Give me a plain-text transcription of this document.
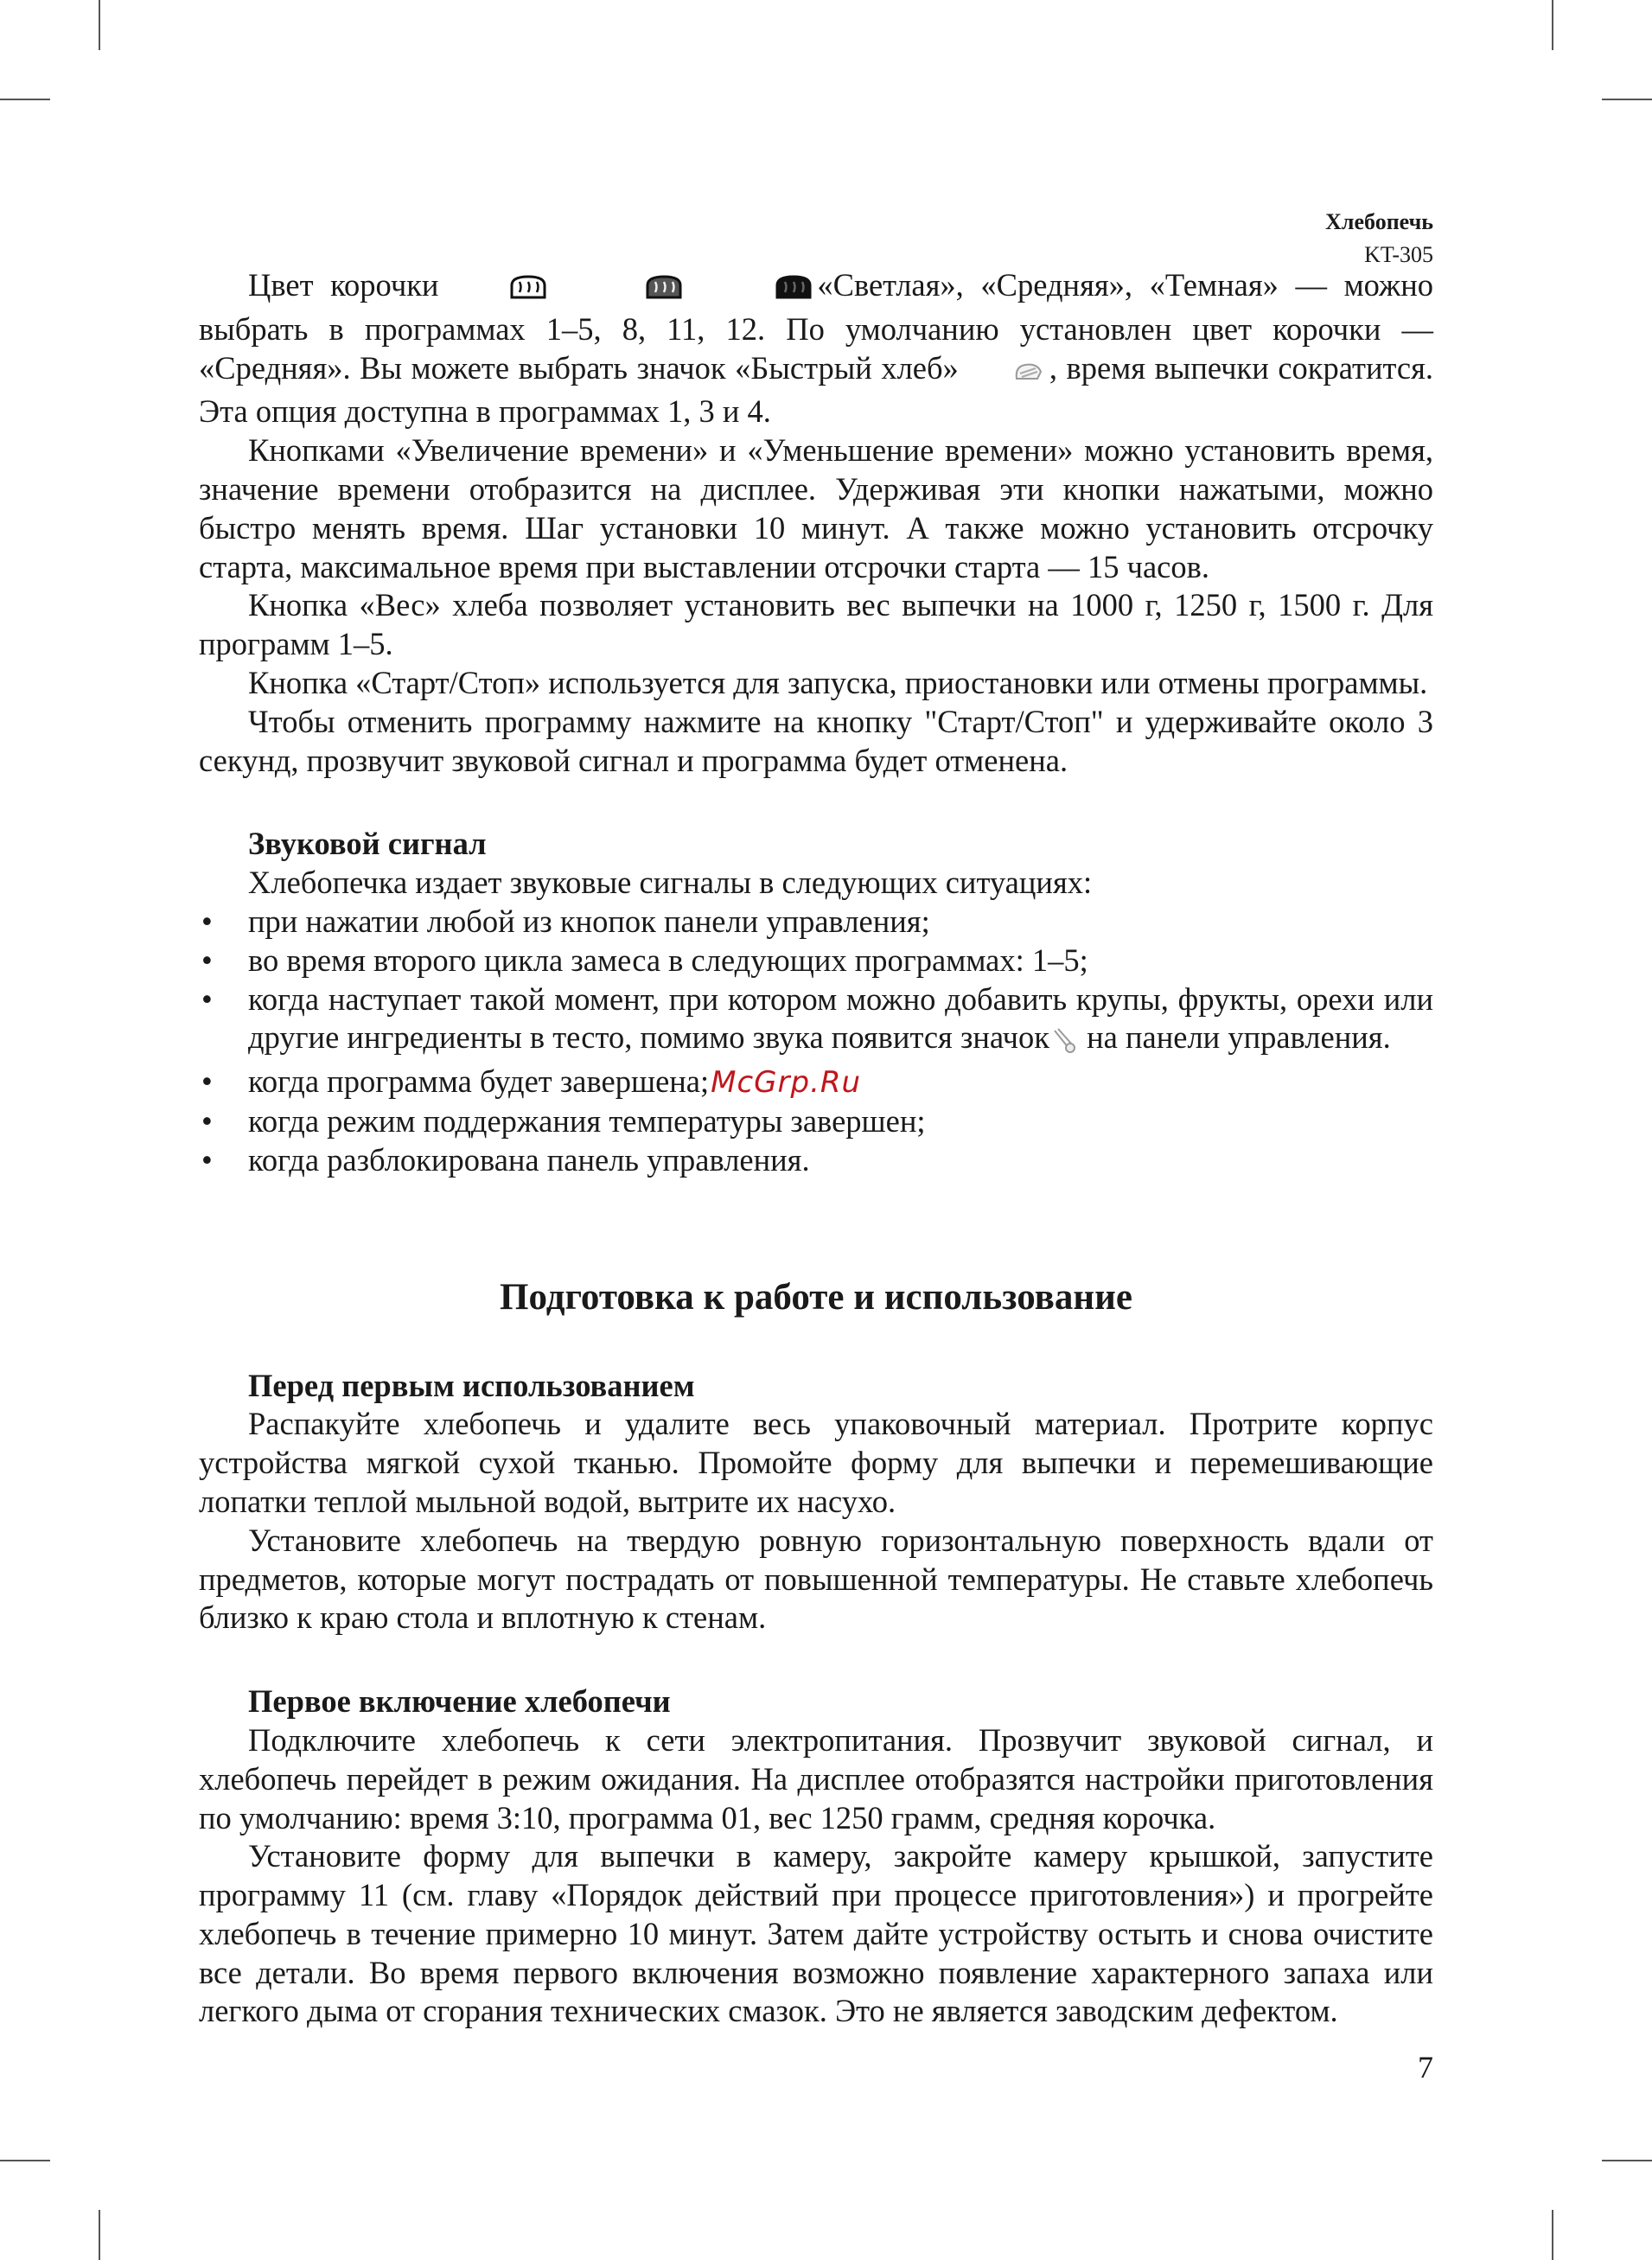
Хлебопечь
KT-305

Цвет корочки	«Светлая», «Средняя», «Темная» — можно выбрать в программах 1–5, 8, 11, 12. По умолчанию установлен цвет корочки — «Средняя». Вы можете выбрать значок «Быстрый хлеб»	, время выпечки сократится. Эта опция доступна в программах 1, 3 и 4.

Кнопками «Увеличение времени» и «Уменьшение времени» можно установить время, значение времени отобразится на дисплее. Удерживая эти кнопки нажатыми, можно быстро менять время. Шаг установки 10 минут. А также можно установить отсрочку старта, максимальное время при выставлении отсрочки старта — 15 часов.

Кнопка «Вес» хлеба позволяет установить вес выпечки на 1000 г, 1250 г, 1500 г. Для программ 1–5.

Кнопка «Старт/Стоп» используется для запуска, приостановки или отмены программы.

Чтобы отменить программу нажмите на кнопку "Старт/Стоп" и удерживайте около 3 секунд, прозвучит звуковой сигнал и программа будет отменена.

Звуковой сигнал
Хлебопечка издает звуковые сигналы в следующих ситуациях:
• при нажатии любой из кнопок панели управления;
• во время второго цикла замеса в следующих программах: 1–5;
• когда наступает такой момент, при котором можно добавить крупы, фрукты, орехи или другие ингредиенты в тесто, помимо звука появится значок на панели управления.
• когда программа будет завершена;McGrp.Ru
• когда режим поддержания температуры завершен;
• когда разблокирована панель управления.
Подготовка к работе и использование
Перед первым использованием

Распакуйте хлебопечь и удалите весь упаковочный материал. Протрите корпус устройства мягкой сухой тканью. Промойте форму для выпечки и перемешивающие лопатки теплой мыльной водой, вытрите их насухо.

Установите хлебопечь на твердую ровную горизонтальную поверхность вдали от предметов, которые могут пострадать от повышенной температуры. Не ставьте хлебопечь близко к краю стола и вплотную к стенам.

Первое включение хлебопечи

Подключите хлебопечь к сети электропитания. Прозвучит звуковой сигнал, и хлебопечь перейдет в режим ожидания. На дисплее отобразятся настройки приготовления по умолчанию: время 3:10, программа 01, вес 1250 грамм, средняя корочка.

Установите форму для выпечки в камеру, закройте камеру крышкой, запустите программу 11 (см. главу «Порядок действий при процессе приготовления») и прогрейте хлебопечь в течение примерно 10 минут. Затем дайте устройству остыть и снова очистите все детали. Во время первого включения возможно появление характерного запаха или легкого дыма от сгорания технических смазок. Это не является заводским дефектом.

7
